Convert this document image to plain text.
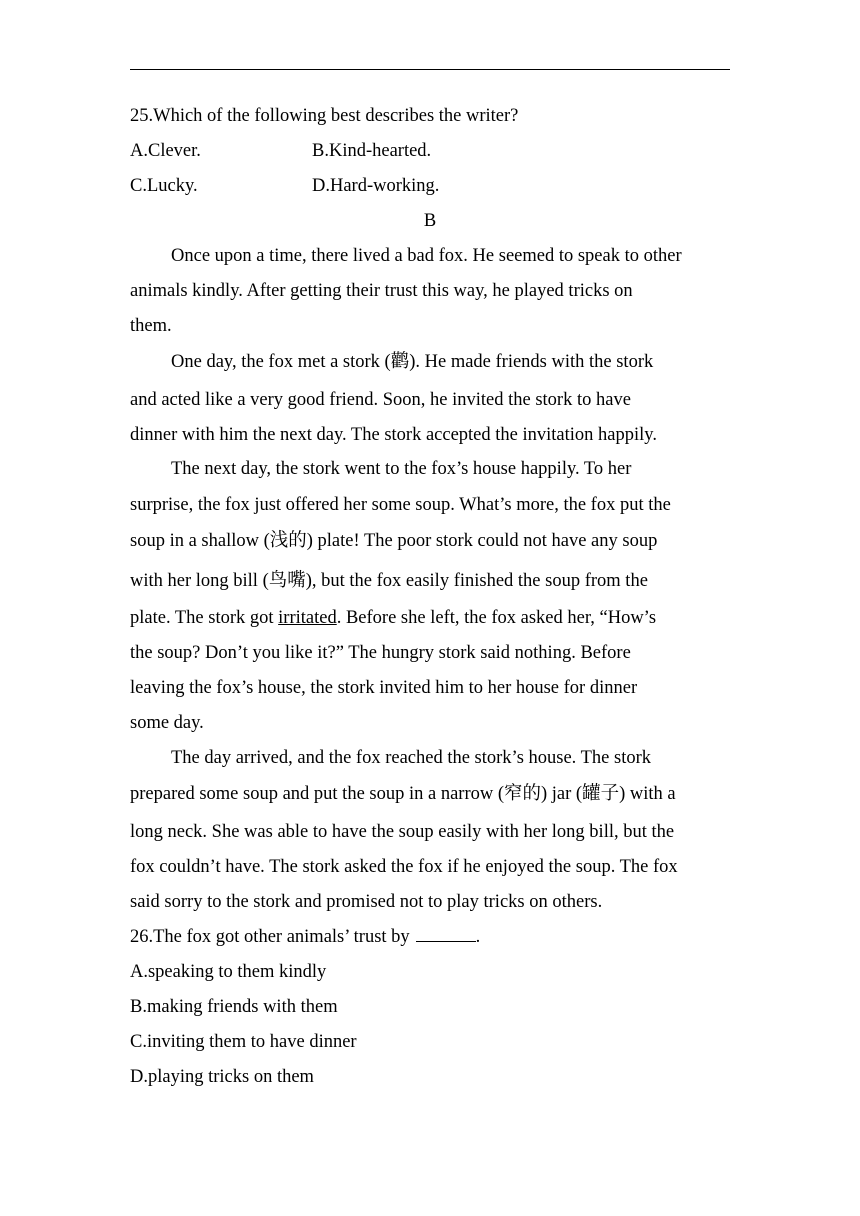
25.Which of the following best describes the writer?
A.Clever.	B.Kind-hearted.
C.Lucky.	D.Hard-working.
B
Once upon a time, there lived a bad fox. He seemed to speak to other
animals kindly. After getting their trust this way, he played tricks on
them.
One day, the fox met a stork (鹳). He made friends with the stork
and acted like a very good friend. Soon, he invited the stork to have
dinner with him the next day. The stork accepted the invitation happily.
The next day, the stork went to the fox’s house happily. To her
surprise, the fox just offered her some soup. What’s more, the fox put the
soup in a shallow (浅的) plate! The poor stork could not have any soup
with her long bill (鸟嘴), but the fox easily finished the soup from the
plate. The stork got irritated. Before she left, the fox asked her, “How’s
the soup? Don’t you like it?” The hungry stork said nothing. Before
leaving the fox’s house, the stork invited him to her house for dinner
some day.
The day arrived, and the fox reached the stork’s house. The stork
prepared some soup and put the soup in a narrow (窄的) jar (罐子) with a
long neck. She was able to have the soup easily with her long bill, but the
fox couldn’t have. The stork asked the fox if he enjoyed the soup. The fox
said sorry to the stork and promised not to play tricks on others.
26.The fox got other animals’ trust by	.
A.speaking to them kindly
B.making friends with them
C.inviting them to have dinner
D.playing tricks on them
